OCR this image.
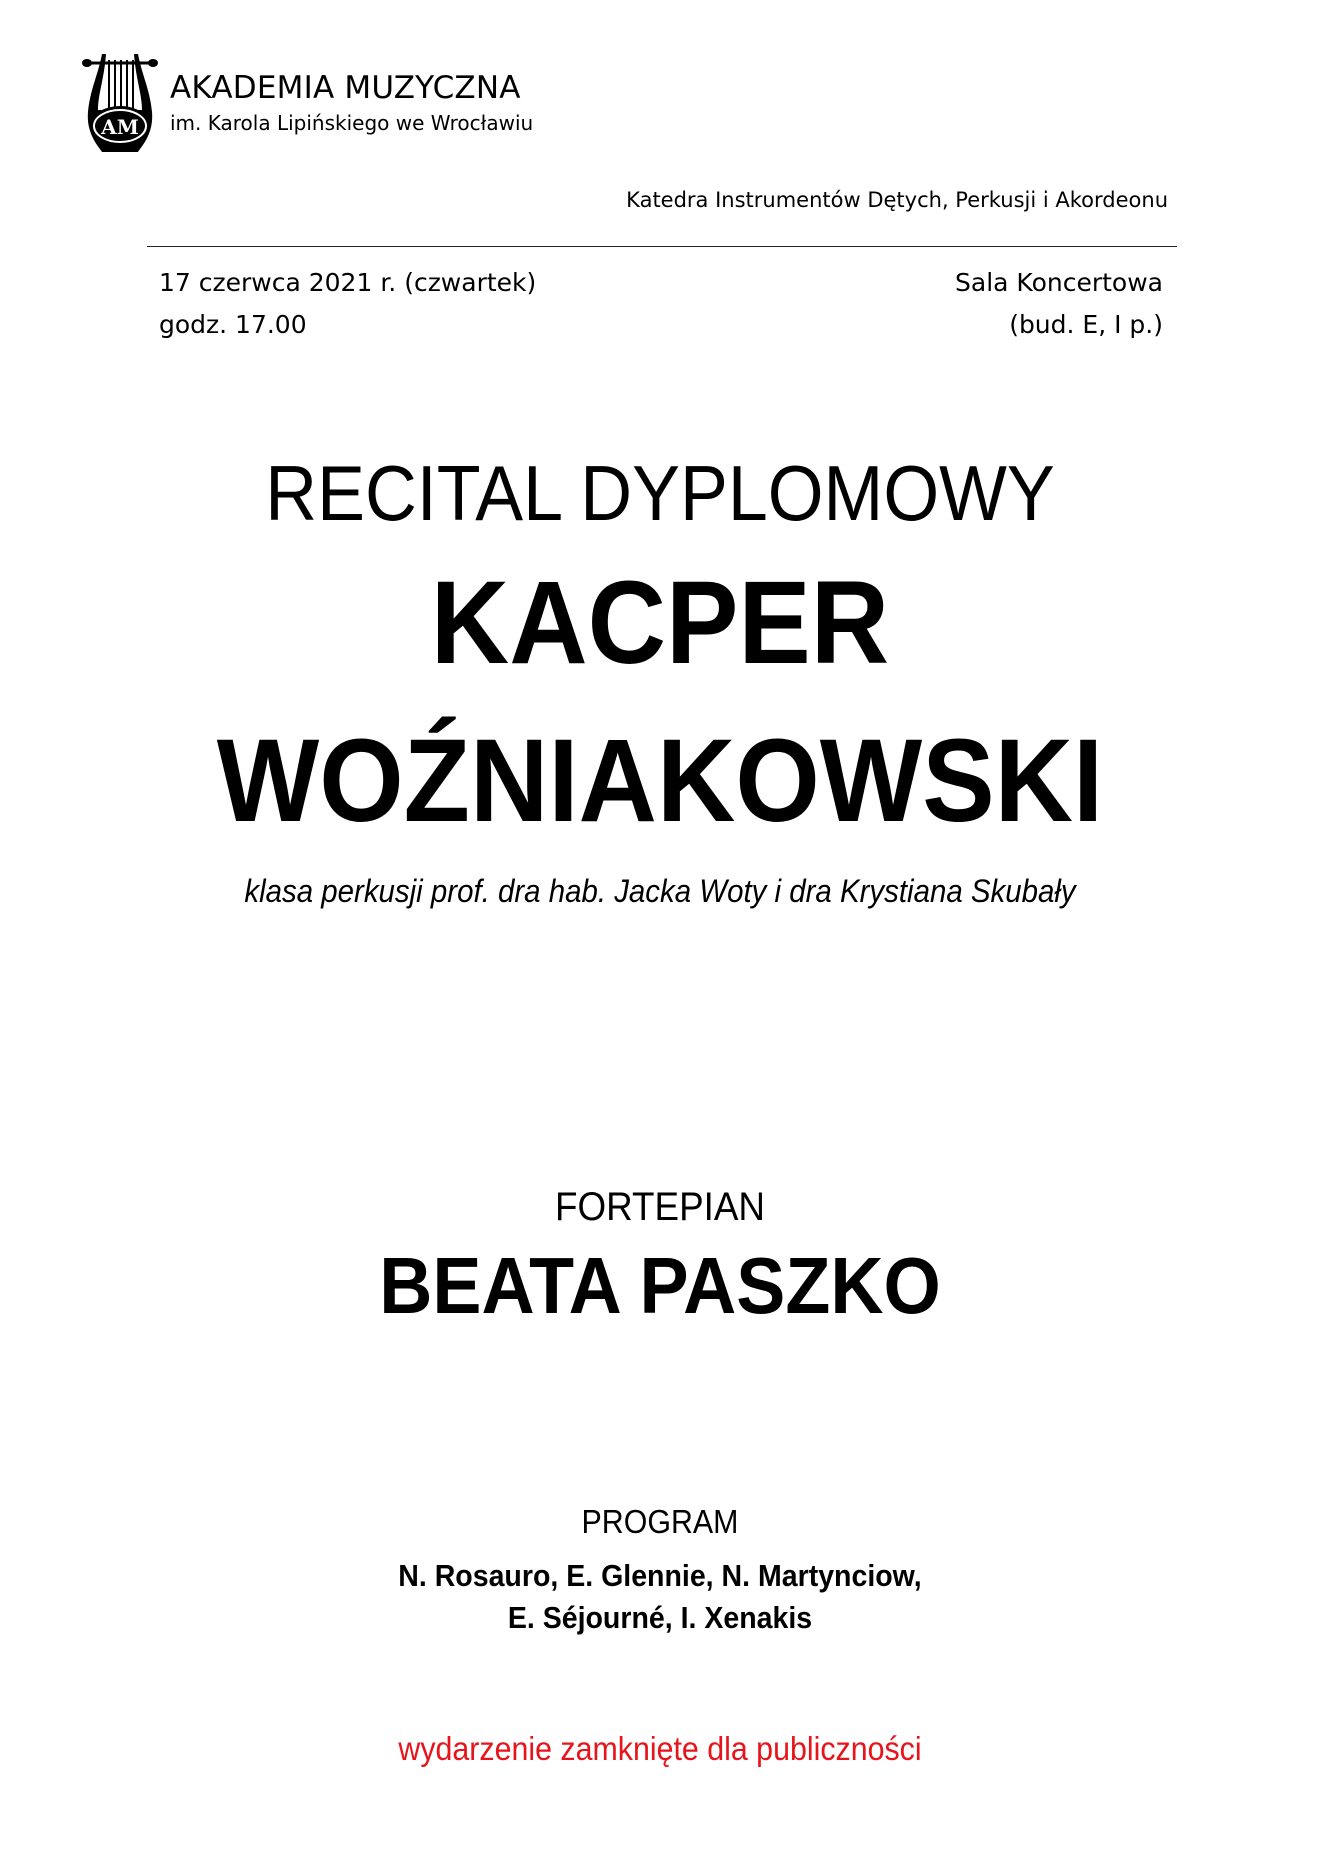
AM
AKADEMIA MUZYCZNA
im. Karola Lipińskiego we Wrocławiu
Katedra Instrumentów Dętych, Perkusji i Akordeonu
17 czerwca 2021 r. (czwartek)
godz. 17.00
Sala Koncertowa
(bud. E, I p.)
RECITAL DYPLOMOWY
KACPER
WOŹNIAKOWSKI
klasa perkusji prof. dra hab. Jacka Woty i dra Krystiana Skubały
FORTEPIAN
BEATA PASZKO
PROGRAM
N. Rosauro, E. Glennie, N. Martynciow,
E. Séjourné, I. Xenakis
wydarzenie zamknięte dla publiczności
